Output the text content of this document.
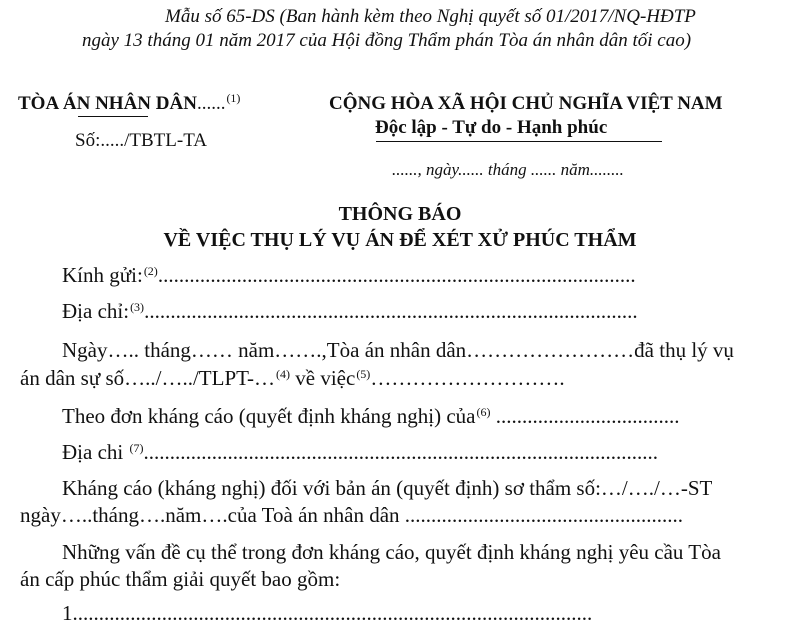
Mẫu số 65-DS (Ban hành kèm theo Nghị quyết số 01/2017/NQ-HĐTP
ngày 13 tháng 01 năm 2017 của Hội đồng Thẩm phán Tòa án nhân dân tối cao)
TÒA ÁN NHÂN DÂN......$^{(1)}$
Số:...../TBTL-TA
CỘNG HÒA XÃ HỘI CHỦ NGHĨA VIỆT NAM
Độc lập - Tự do - Hạnh phúc
......, ngày...... tháng ...... năm........
THÔNG BÁO
VỀ VIỆC THỤ LÝ VỤ ÁN ĐỂ XÉT XỬ PHÚC THẨM
Kính gửi:$^{(2)}$...........................................................................................
Địa chỉ:$^{(3)}$..............................................................................................
Ngày….. tháng…… năm…….,Tòa án nhân dân……………………đã thụ lý vụ
án dân sự số…../…../TLPT-…$^{(4)}$ về việc$^{(5)}$……………………….
Theo đơn kháng cáo (quyết định kháng nghị) của$^{(6)}$ ...................................
Địa chi $^{(7)}$..................................................................................................
Kháng cáo (kháng nghị) đối với bản án (quyết định) sơ thẩm số:…/…./…-ST
ngày…..tháng….năm….của Toà án nhân dân .....................................................
Những vấn đề cụ thể trong đơn kháng cáo, quyết định kháng nghị yêu cầu Tòa
án cấp phúc thẩm giải quyết bao gồm:
1...................................................................................................
